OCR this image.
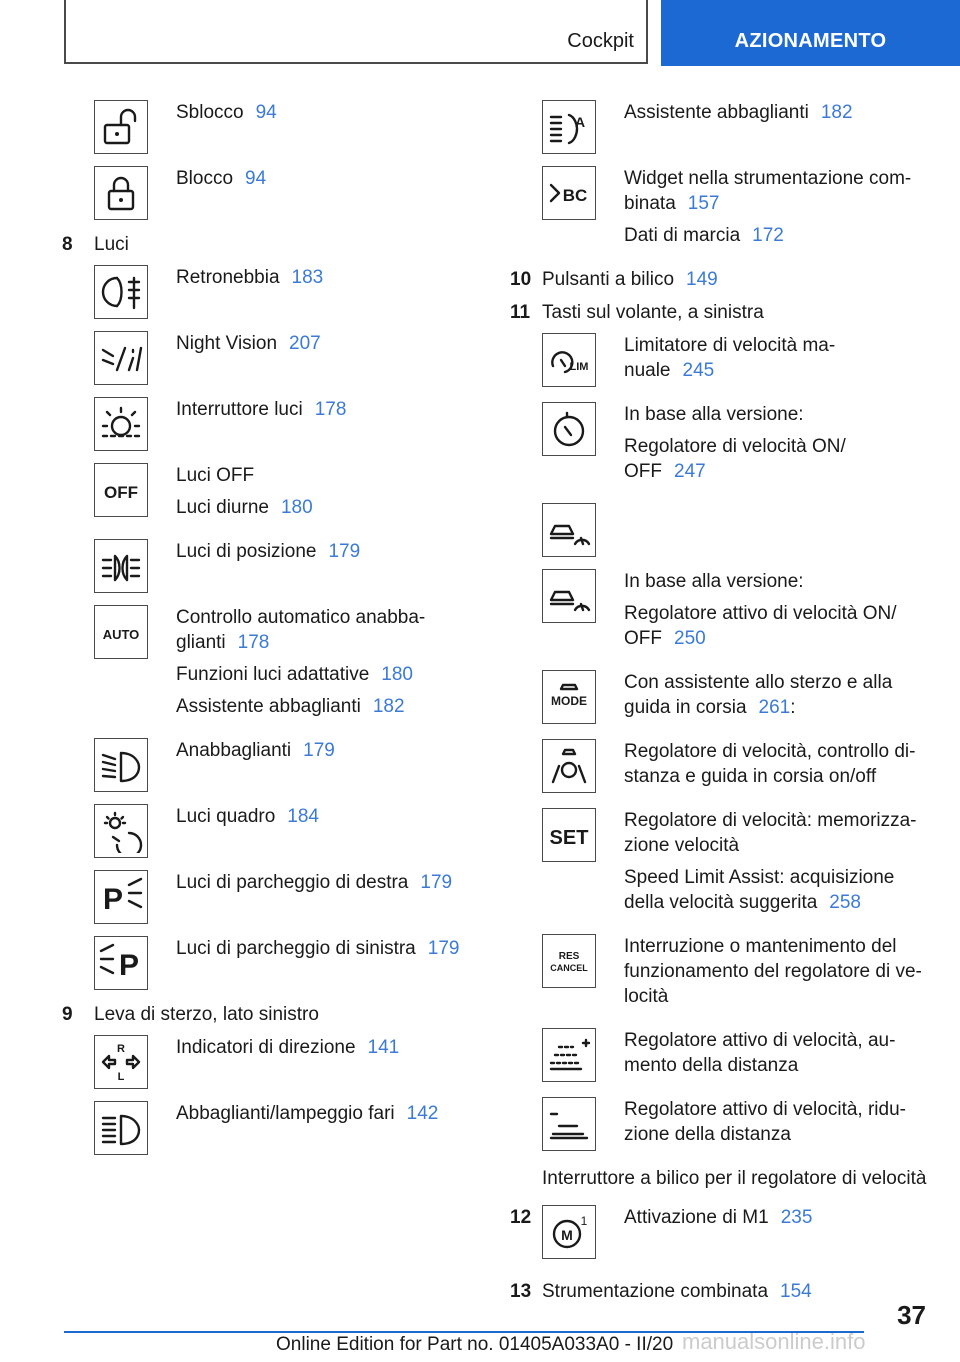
Cockpit	AZIONAMENTO
Sblocco 94
Blocco 94
8	Luci
Retronebbia 183
Night Vision 207
Interruttore luci 178
OFF
Luci OFF
Luci diurne 180
Luci di posizione 179
AUTO
Controllo automatico anabba-
glianti 178
Funzioni luci adattative 180
Assistente abbaglianti 182
Anabbaglianti 179
Luci quadro 184
P
Luci di parcheggio di destra 179
P
Luci di parcheggio di sinistra 179
9	Leva di sterzo, lato sinistro
R
L
Indicatori di direzione 141
Abbaglianti/lampeggio fari 142
A Assistente abbaglianti 182
BC
Widget nella strumentazione com-
binata 157
Dati di marcia 172
10 Pulsanti a bilico 149
11 Tasti sul volante, a sinistra
LIM
Limitatore di velocità ma-
nuale 245
In base alla versione:
Regolatore di velocità ON/
OFF 247
In base alla versione:
Regolatore attivo di velocità ON/
OFF 250
MODE
Con assistente allo sterzo e alla
guida in corsia 261:
Regolatore di velocità, controllo di-
stanza e guida in corsia on/off
SET
Regolatore di velocità: memorizza-
zione velocità
Speed Limit Assist: acquisizione
della velocità suggerita 258
RES
CANCEL
Interruzione o mantenimento del
funzionamento del regolatore di ve-
locità
Regolatore attivo di velocità, au-
mento della distanza
Regolatore attivo di velocità, ridu-
zione della distanza
Interruttore a bilico per il regolatore di velocità
12
M
1 Attivazione di M1 235
13 Strumentazione combinata 154
37
Online Edition for Part no. 01405A033A0 - II/20 manualsonline.info
